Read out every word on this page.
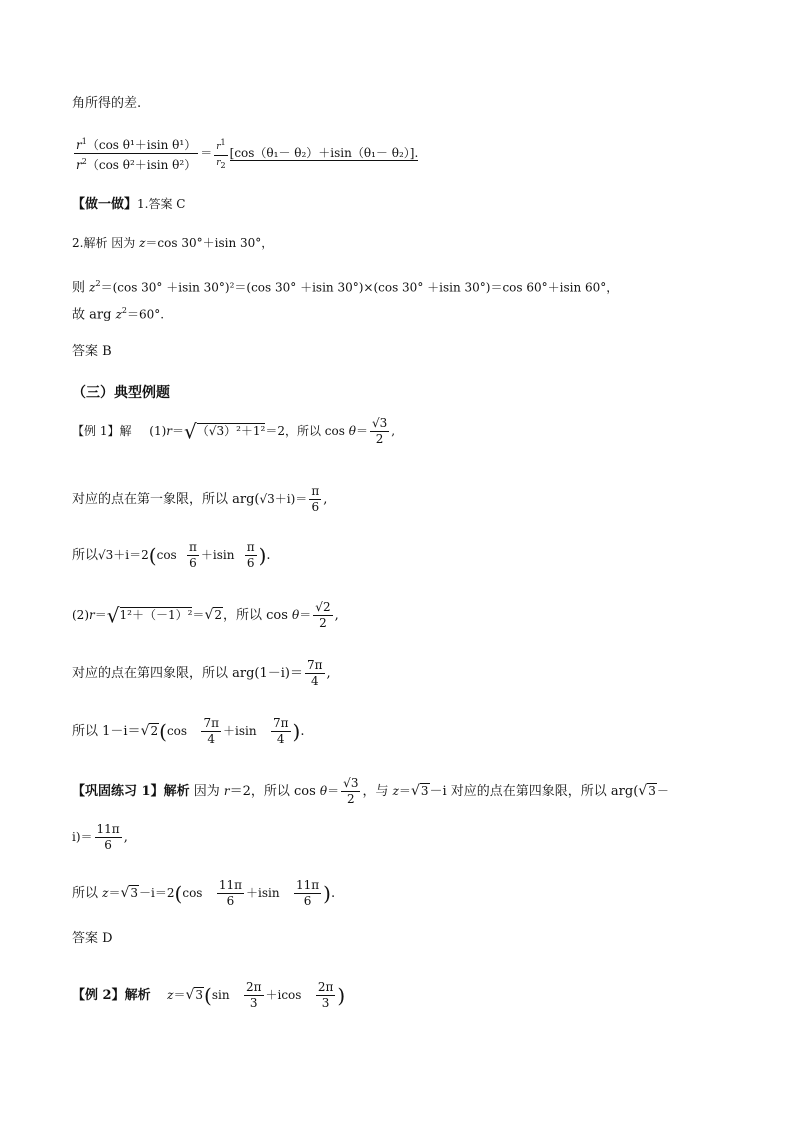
角所得的差.
$\frac{r^1(\cos \theta^1+isin \theta^1)}{r^2(\cos \theta^2+isin \theta^2)} = \frac{r^1}{r_2} [\cos(\theta_1- \theta_2)+isin(\theta_1- \theta_2)]$.
【做一做】1.答案 C
2.解析 因为 z＝cos 30°＋isin 30°，
则 $z^2=(\cos$ 30° ＋isin 30°)²＝(cos 30° ＋isin 30°)×(cos 30° ＋isin 30°)＝cos 60°＋isin 60°，
故 arg $z^2=60^\circ$.
答案 B
（三）典型例题
【例 1】解 (1)r＝√（√3）²＋1²＝2，所以 $\cos \theta= \frac{√3}{2}$ ,
对应的点在第一象限，所以 $arg(√3+i)= \frac{\pi}{6}$ ,
所以$√3+i=2(\cos \frac{\pi}{6} +isin \frac{\pi}{6}$ ).
(2)r＝√1²＋（－1）²＝ √ 2 ，所以 $\cos \theta= \frac{√2}{2}$ ,
对应的点在第四象限，所以 $arg(1-i)= \frac{7\pi}{4}$ ,
所以 1－i＝ √ 2 ($\cos \frac{7\pi}{4} +isin \frac{7\pi}{4}$ ).
【巩固练习 1】解析 因为 r＝2，所以 $\cos \theta= \frac{√3}{2}$ ，与 z＝ √ 3 －i 对应的点在第四象限，所以 arg( √ 3 －
$i)= \frac{11\pi}{6}$ ,
所以 z＝ √ $3 -i=2(\cos \frac{11\pi}{6} +isin \frac{11\pi}{6}$ ).
答案 D
【例 2】解析 z＝ √ 3 ($\sin \frac{2\pi}{3} +icos \frac{2\pi}{3}$ )
